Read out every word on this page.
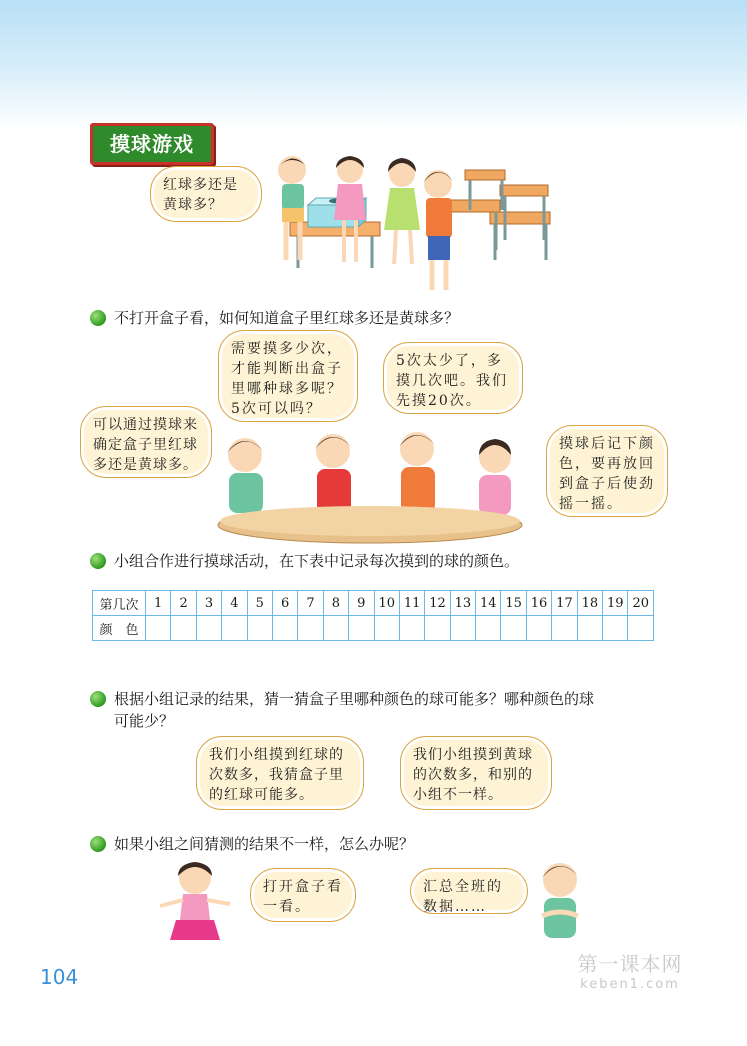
摸球游戏
红球多还是黄球多？
不打开盒子看，如何知道盒子里红球多还是黄球多？
需要摸多少次，才能判断出盒子里哪种球多呢？5次可以吗？
5次太少了，多摸几次吧。我们先摸20次。
可以通过摸球来确定盒子里红球多还是黄球多。
摸球后记下颜色，要再放回到盒子后使劲摇一摇。
小组合作进行摸球活动，在下表中记录每次摸到的球的颜色。
第几次	1	2	3	4	5	6	7	8	9	10	11	12	13	14	15	16	17	18	19	20
颜　色																				
根据小组记录的结果，猜一猜盒子里哪种颜色的球可能多？哪种颜色的球
可能少？
我们小组摸到红球的次数多，我猜盒子里的红球可能多。
我们小组摸到黄球的次数多，和别的小组不一样。
如果小组之间猜测的结果不一样，怎么办呢？
打开盒子看一看。
汇总全班的数据……
104
第一课本网
keben1.com
